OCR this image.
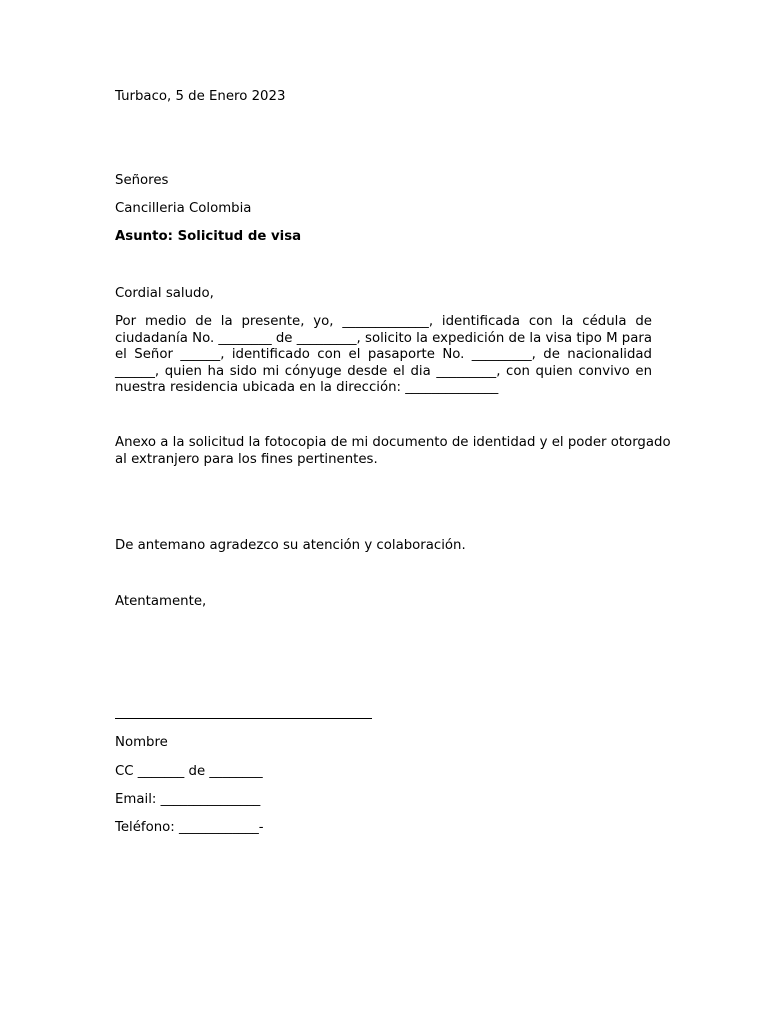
Turbaco, 5 de Enero 2023
Señores
Cancilleria Colombia
Asunto: Solicitud de visa
Cordial saludo,
Por medio de la presente, yo, _____________, identificada con la cédula de
ciudadanía No. ________ de _________, solicito la expedición de la visa tipo M para
el Señor ______, identificado con el pasaporte No. _________, de nacionalidad
______, quien ha sido mi cónyuge desde el dia _________, con quien convivo en
nuestra residencia ubicada en la dirección: ______________
Anexo a la solicitud la fotocopia de mi documento de identidad y el poder otorgado
al extranjero para los fines pertinentes.
De antemano agradezco su atención y colaboración.
Atentamente,
Nombre
CC _______ de ________
Email: _______________
Teléfono: ____________-
